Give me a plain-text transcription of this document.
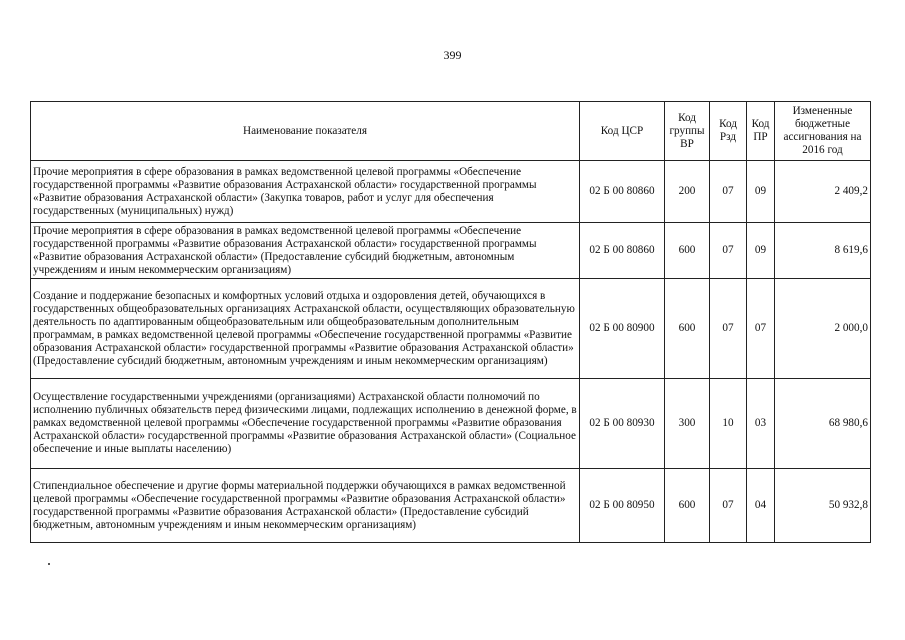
399
Наименование показателя	Код ЦСР	Код группы ВР	Код Рзд	Код ПР	Измененные бюджетные ассигнования на 2016 год
Прочие мероприятия в сфере образования в рамках ведомственной целевой программы «Обеспечение государственной программы «Развитие образования Астраханской области» государственной программы «Развитие образования Астраханской области» (Закупка товаров, работ и услуг для обеспечения государственных (муниципальных) нужд)	02 Б 00 80860	200	07	09	2 409,2
Прочие мероприятия в сфере образования в рамках ведомственной целевой программы «Обеспечение государственной программы «Развитие образования Астраханской области» государственной программы «Развитие образования Астраханской области» (Предоставление субсидий бюджетным, автономным учреждениям и иным некоммерческим организациям)	02 Б 00 80860	600	07	09	8 619,6
Создание и поддержание безопасных и комфортных условий отдыха и оздоровления детей, обучающихся в государственных общеобразовательных организациях Астраханской области, осуществляющих образовательную деятельность по адаптированным общеобразовательным или общеобразовательным дополнительным программам, в рамках ведомственной целевой программы «Обеспечение государственной программы «Развитие образования Астраханской области» государственной программы «Развитие образования Астраханской области» (Предоставление субсидий бюджетным, автономным учреждениям и иным некоммерческим организациям)	02 Б 00 80900	600	07	07	2 000,0
Осуществление государственными учреждениями (организациями) Астраханской области полномочий по исполнению публичных обязательств перед физическими лицами, подлежащих исполнению в денежной форме, в рамках ведомственной целевой программы «Обеспечение государственной программы «Развитие образования Астраханской области» государственной программы «Развитие образования Астраханской области» (Социальное обеспечение и иные выплаты населению)	02 Б 00 80930	300	10	03	68 980,6
Стипендиальное обеспечение и другие формы материальной поддержки обучающихся в рамках ведомственной целевой программы «Обеспечение государственной программы «Развитие образования Астраханской области» государственной программы «Развитие образования Астраханской области» (Предоставление субсидий бюджетным, автономным учреждениям и иным некоммерческим организациям)	02 Б 00 80950	600	07	04	50 932,8
